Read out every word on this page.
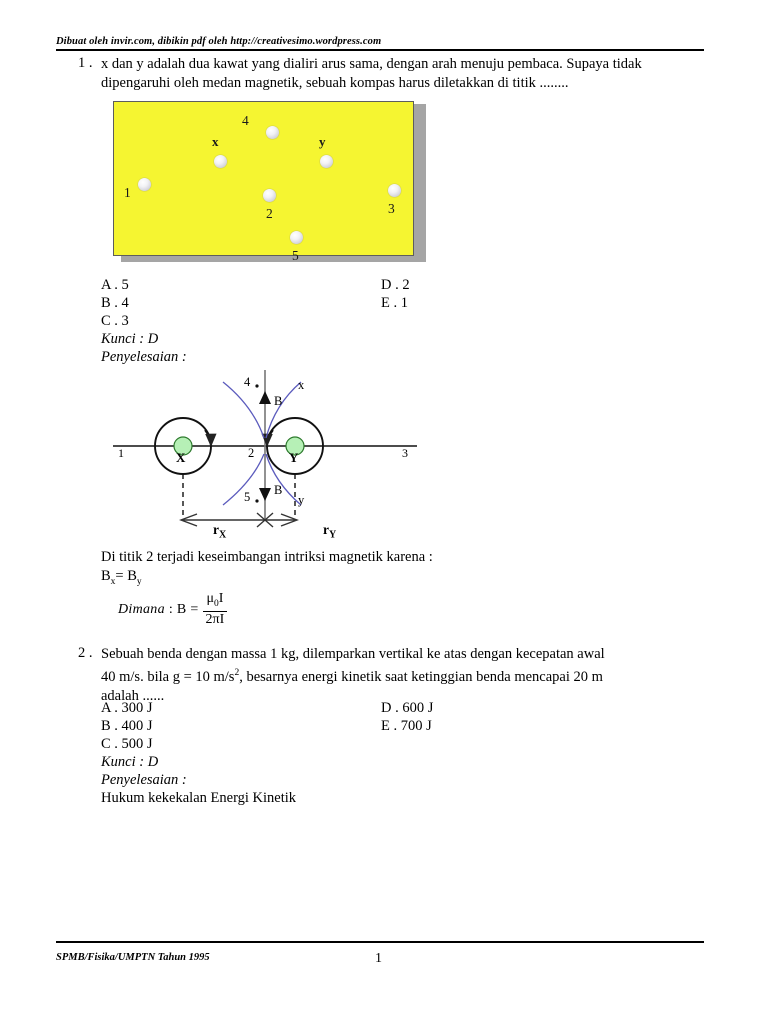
Dibuat oleh invir.com, dibikin pdf oleh http://creativesimo.wordpress.com
1 . x dan y adalah dua kawat yang dialiri arus sama, dengan arah menuju pembaca. Supaya tidak dipengaruhi oleh medan magnetik, sebuah kompas harus diletakkan di titik ........
4
x	y
1
2	3
5
A . 5
B . 4
C . 3
D . 2
E . 1
Kunci : D
Penyelesaian :
1	3
4
5
2
X	Y
B
B
x
y
$r_X$	$r_Y$
Di titik 2 terjadi keseimbangan intriksi magnetik karena :
$B_x= B_y$
Dimana : $B = \frac{\mu_0I}{2\pi I}$
2 . Sebuah benda dengan massa 1 kg, dilemparkan vertikal ke atas dengan kecepatan awal
40 m/s. bila g = 10 $m/s^2$, besarnya energi kinetik saat ketinggian benda mencapai 20 m
adalah ......
A . 300 J
B . 400 J
C . 500 J
D . 600 J
E . 700 J
Kunci : D
Penyelesaian :
Hukum kekekalan Energi Kinetik
SPMB/Fisika/UMPTN Tahun 1995	1
